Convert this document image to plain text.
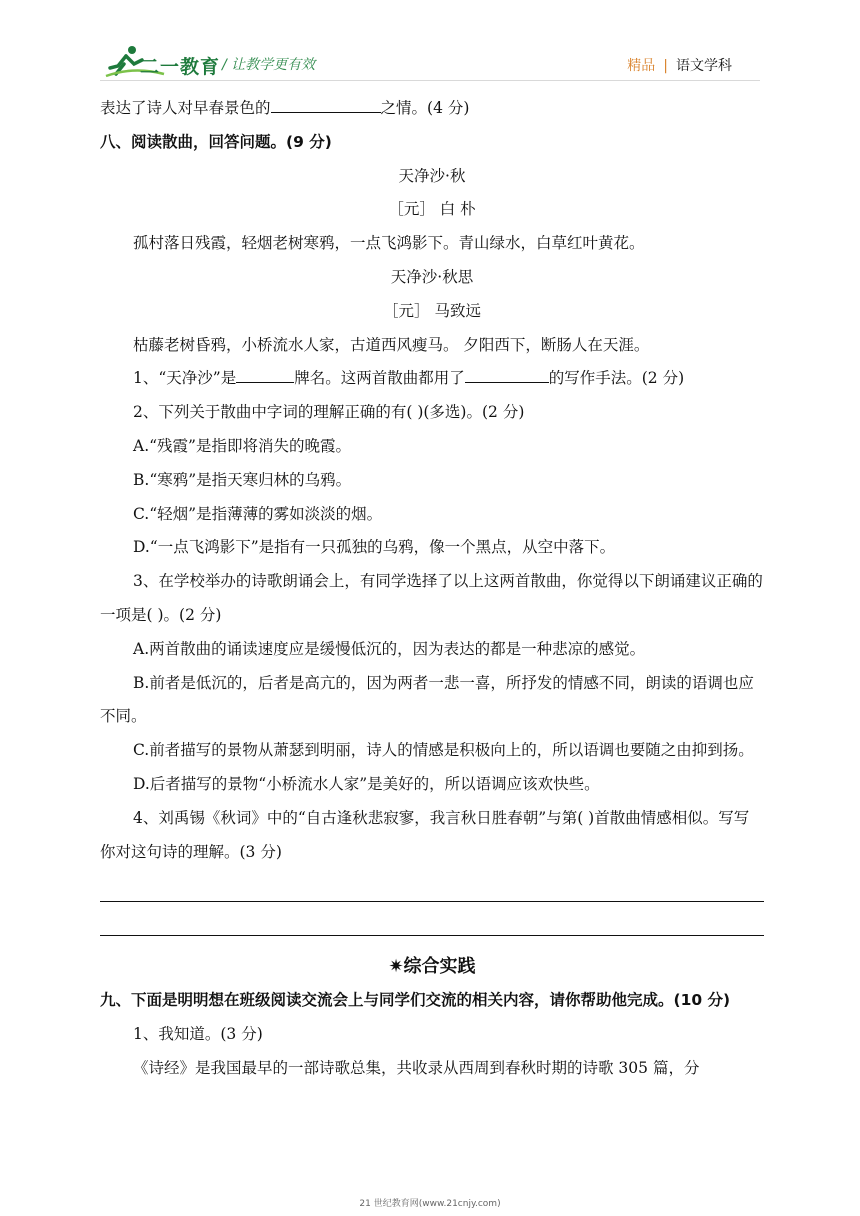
二一教育 / 让教学更有效	精品 | 语文学科

表达了诗人对早春景色的	之情。(4 分)

八、阅读散曲，回答问题。(9 分)

天净沙·秋

［元］ 白 朴

孤村落日残霞，轻烟老树寒鸦，一点飞鸿影下。青山绿水，白草红叶黄花。

天净沙·秋思

［元］ 马致远

枯藤老树昏鸦，小桥流水人家，古道西风瘦马。 夕阳西下，断肠人在天涯。

1、“天净沙”是	牌名。这两首散曲都用了	的写作手法。(2 分)

2、下列关于散曲中字词的理解正确的有( )(多选)。(2 分)

A.“残霞”是指即将消失的晚霞。

B.“寒鸦”是指天寒归林的乌鸦。

C.“轻烟”是指薄薄的雾如淡淡的烟。

D.“一点飞鸿影下”是指有一只孤独的乌鸦，像一个黑点，从空中落下。

3、在学校举办的诗歌朗诵会上，有同学选择了以上这两首散曲，你觉得以下朗诵建议正确的一项是( )。(2 分)

A.两首散曲的诵读速度应是缓慢低沉的，因为表达的都是一种悲凉的感觉。

B.前者是低沉的，后者是高亢的，因为两者一悲一喜，所抒发的情感不同，朗读的语调也应不同。

C.前者描写的景物从萧瑟到明丽，诗人的情感是积极向上的，所以语调也要随之由抑到扬。

D.后者描写的景物“小桥流水人家”是美好的，所以语调应该欢快些。

4、刘禹锡《秋词》中的“自古逢秋悲寂寥，我言秋日胜春朝”与第( )首散曲情感相似。写写你对这句诗的理解。(3 分)

✷综合实践

九、下面是明明想在班级阅读交流会上与同学们交流的相关内容，请你帮助他完成。(10 分)

1、我知道。(3 分)

《诗经》是我国最早的一部诗歌总集，共收录从西周到春秋时期的诗歌 305 篇，分

21 世纪教育网(www.21cnjy.com)
